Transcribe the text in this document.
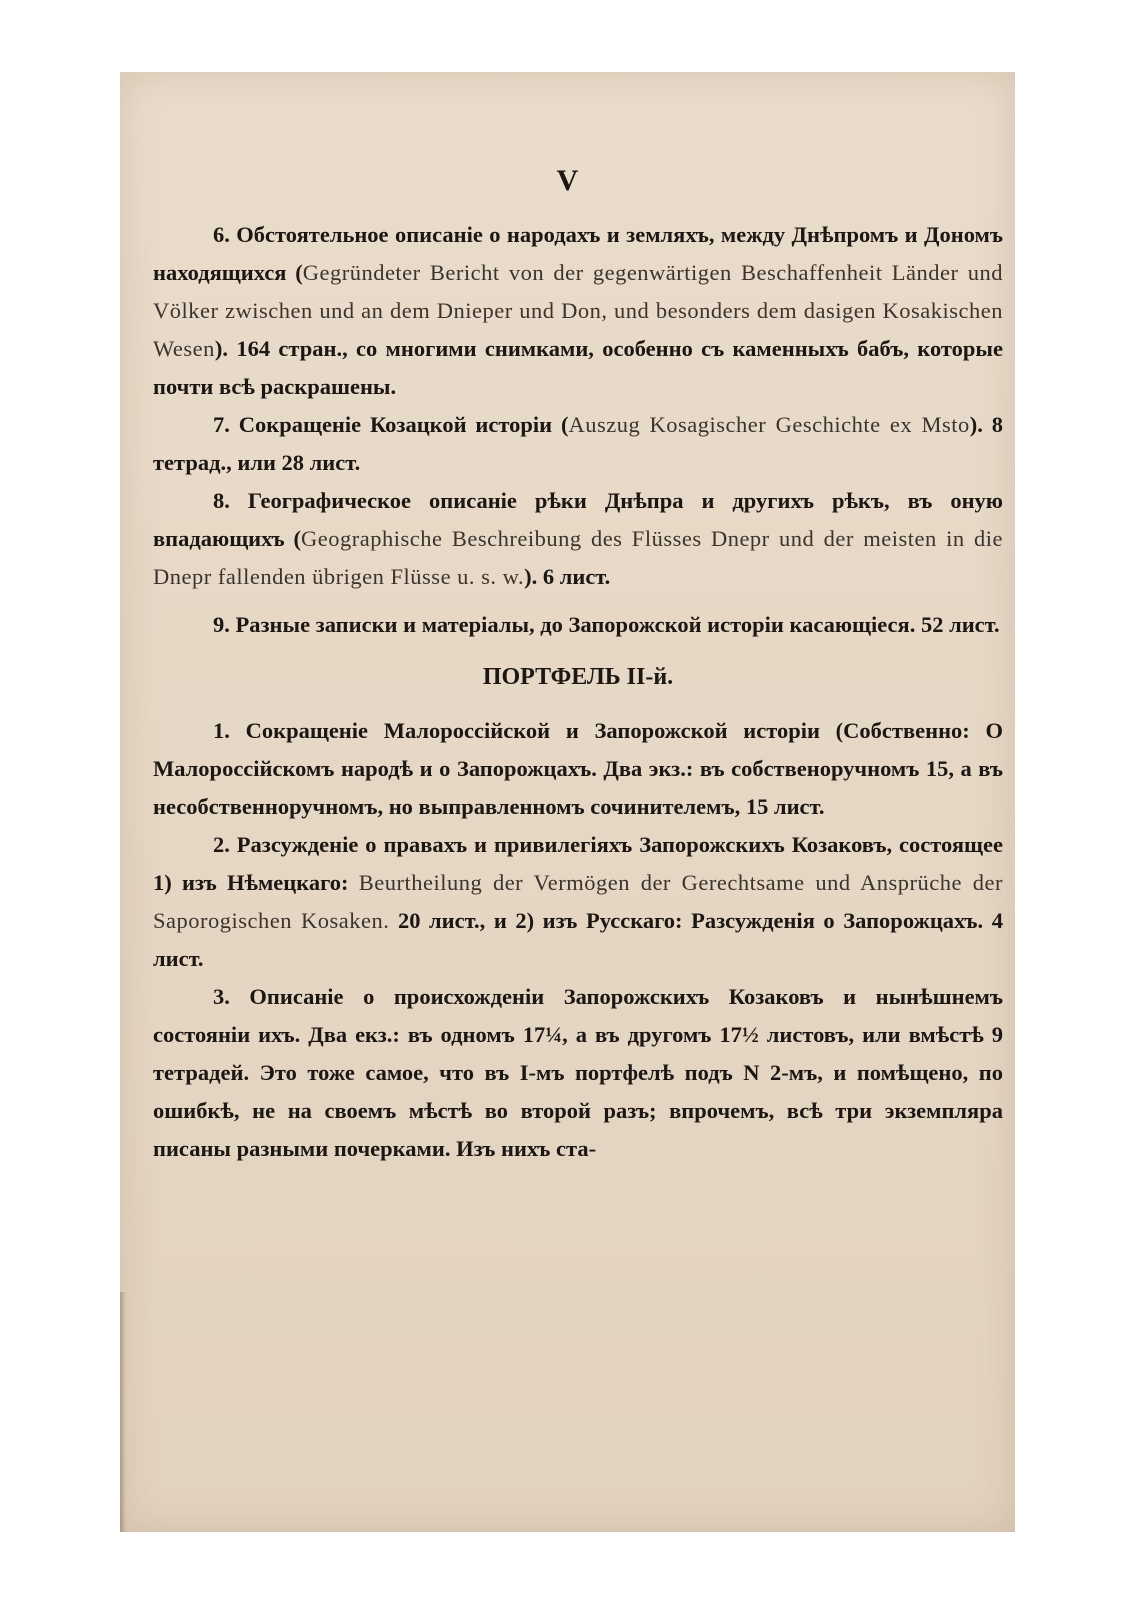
V

6. Обстоятельное описаніе о народахъ и земляхъ, между Днѣпромъ и Дономъ находящихся (Gegründeter Bericht von der gegenwärtigen Beschaffenheit Länder und Völker zwischen und an dem Dnieper und Don, und besonders dem dasigen Kosakischen Wesen). 164 стран., со многими снимками, особенно съ каменныхъ бабъ, которые почти всѣ раскрашены.

7. Сокращеніе Козацкой исторіи (Auszug Kosagischer Geschichte ex Msto). 8 тетрад., или 28 лист.

8. Географическое описаніе рѣки Днѣпра и другихъ рѣкъ, въ оную впадающихъ (Geographische Beschreibung des Flüsses Dnepr und der meisten in die Dnepr fallenden übrigen Flüsse u. s. w.). 6 лист.

9. Разные записки и матеріалы, до Запорожской исторіи касающіеся. 52 лист.

ПОРТФЕЛЬ II-й.

1. Сокращеніе Малороссійской и Запорожской исторіи (Собственно: О Малороссійскомъ народѣ и о Запорожцахъ. Два экз.: въ собственоручномъ 15, а въ несобственноручномъ, но выправленномъ сочинителемъ, 15 лист.

2. Разсужденіе о правахъ и привилегіяхъ Запорожскихъ Козаковъ, состоящее 1) изъ Нѣмецкаго: Beurtheilung der Vermögen der Gerechtsame und Ansprüche der Saporogischen Kosaken. 20 лист., и 2) изъ Русскаго: Разсужденія о Запорожцахъ. 4 лист.

3. Описаніе о происхожденіи Запорожскихъ Козаковъ и нынѣшнемъ состояніи ихъ. Два екз.: въ одномъ 17¼, а въ другомъ 17½ листовъ, или вмѣстѣ 9 тетрадей. Это тоже самое, что въ I-мъ портфелѣ подъ N 2-мъ, и помѣщено, по ошибкѣ, не на своемъ мѣстѣ во второй разъ; впрочемъ, всѣ три экземпляра писаны разными почерками. Изъ нихъ ста-
